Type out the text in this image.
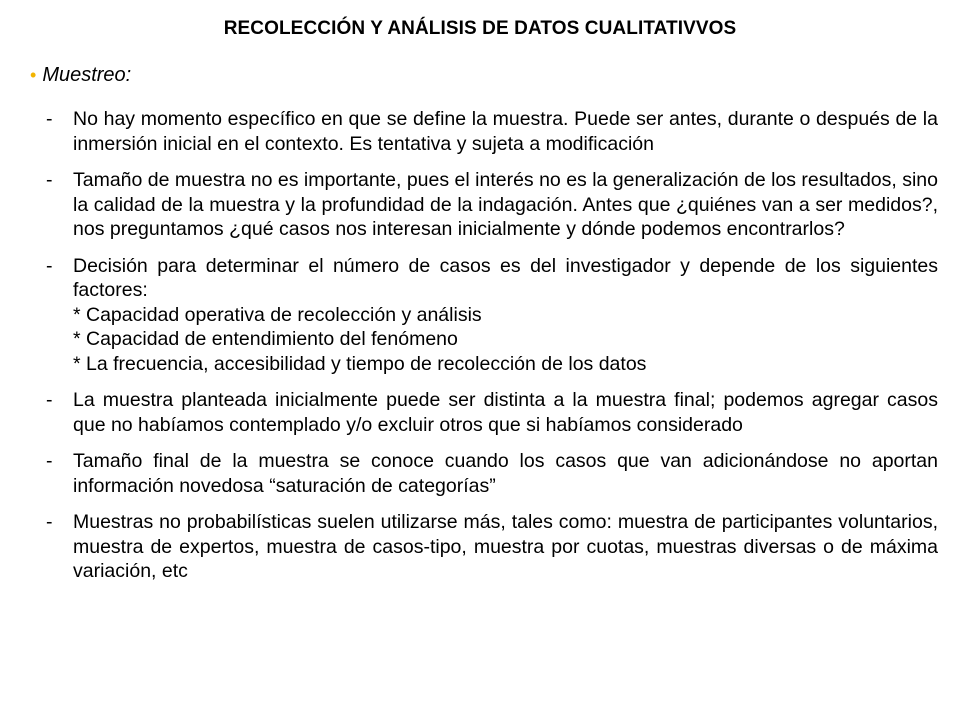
RECOLECCIÓN Y ANÁLISIS DE DATOS CUALITATIVVOS
• Muestreo:
- No hay momento específico en que se define la muestra. Puede ser antes, durante o después de la inmersión inicial en el contexto. Es tentativa y sujeta a modificación
- Tamaño de muestra no es importante, pues el interés no es la generalización de los resultados, sino la calidad de la muestra y la profundidad de la indagación. Antes que ¿quiénes van a ser medidos?, nos preguntamos ¿qué casos nos interesan inicialmente y dónde podemos encontrarlos?
- Decisión para determinar el número de casos es del investigador y depende de los siguientes factores:
* Capacidad operativa de recolección y análisis
* Capacidad de entendimiento del fenómeno
* La frecuencia, accesibilidad y tiempo de recolección de los datos
- La muestra planteada inicialmente puede ser distinta a la muestra final; podemos agregar casos que no habíamos contemplado y/o excluir otros que si habíamos considerado
- Tamaño final de la muestra se conoce cuando los casos que van adicionándose no aportan información novedosa “saturación de categorías”
- Muestras no probabilísticas suelen utilizarse más, tales como: muestra de participantes voluntarios, muestra de expertos, muestra de casos-tipo, muestra por cuotas, muestras diversas o de máxima variación, etc
